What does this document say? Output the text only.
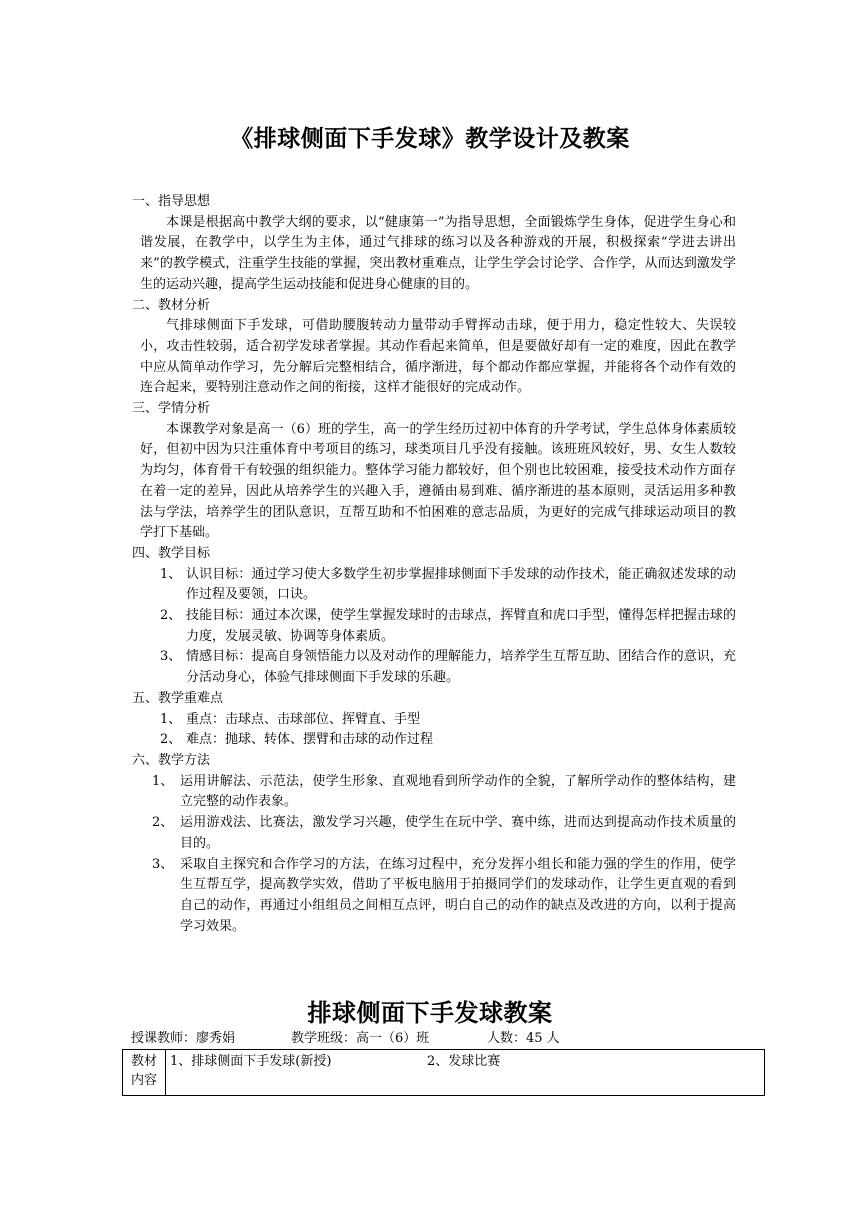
《排球侧面下手发球》教学设计及教案

一、指导思想

本课是根据高中教学大纲的要求，以“健康第一”为指导思想，全面锻炼学生身体，促进学生身心和谐发展，在教学中，以学生为主体，通过气排球的练习以及各种游戏的开展，积极探索“学进去讲出来”的教学模式，注重学生技能的掌握，突出教材重难点，让学生学会讨论学、合作学，从而达到激发学生的运动兴趣，提高学生运动技能和促进身心健康的目的。

二、教材分析

气排球侧面下手发球，可借助腰腹转动力量带动手臂挥动击球，便于用力，稳定性较大、失误较小，攻击性较弱，适合初学发球者掌握。其动作看起来简单，但是要做好却有一定的难度，因此在教学中应从简单动作学习，先分解后完整相结合，循序渐进，每个都动作都应掌握，并能将各个动作有效的连合起来，要特别注意动作之间的衔接，这样才能很好的完成动作。

三、学情分析

本课教学对象是高一（6）班的学生，高一的学生经历过初中体育的升学考试，学生总体身体素质较好，但初中因为只注重体育中考项目的练习，球类项目几乎没有接触。该班班风较好，男、女生人数较为均匀，体育骨干有较强的组织能力。整体学习能力都较好，但个别也比较困难，接受技术动作方面存在着一定的差异，因此从培养学生的兴趣入手，遵循由易到难、循序渐进的基本原则，灵活运用多种教法与学法，培养学生的团队意识，互帮互助和不怕困难的意志品质，为更好的完成气排球运动项目的教学打下基础。

四、教学目标

1、 认识目标：通过学习使大多数学生初步掌握排球侧面下手发球的动作技术，能正确叙述发球的动作过程及要领，口诀。
2、 技能目标：通过本次课，使学生掌握发球时的击球点，挥臂直和虎口手型，懂得怎样把握击球的力度，发展灵敏、协调等身体素质。
3、 情感目标：提高自身领悟能力以及对动作的理解能力，培养学生互帮互助、团结合作的意识，充分活动身心，体验气排球侧面下手发球的乐趣。

五、教学重难点

1、 重点：击球点、击球部位、挥臂直、手型
2、 难点：抛球、转体、摆臂和击球的动作过程

六、教学方法

1、 运用讲解法、示范法，使学生形象、直观地看到所学动作的全貌，了解所学动作的整体结构，建立完整的动作表象。
2、 运用游戏法、比赛法，激发学习兴趣，使学生在玩中学、赛中练，进而达到提高动作技术质量的目的。
3、 采取自主探究和合作学习的方法，在练习过程中，充分发挥小组长和能力强的学生的作用，使学生互帮互学，提高教学实效，借助了平板电脑用于拍摄同学们的发球动作，让学生更直观的看到自己的动作，再通过小组组员之间相互点评，明白自己的动作的缺点及改进的方向，以利于提高学习效果。
排球侧面下手发球教案
授课教师：廖秀娟	教学班级：高一（6）班	人数：45 人
教材内容	1、排球侧面下手发球(新授)	2、发球比赛
